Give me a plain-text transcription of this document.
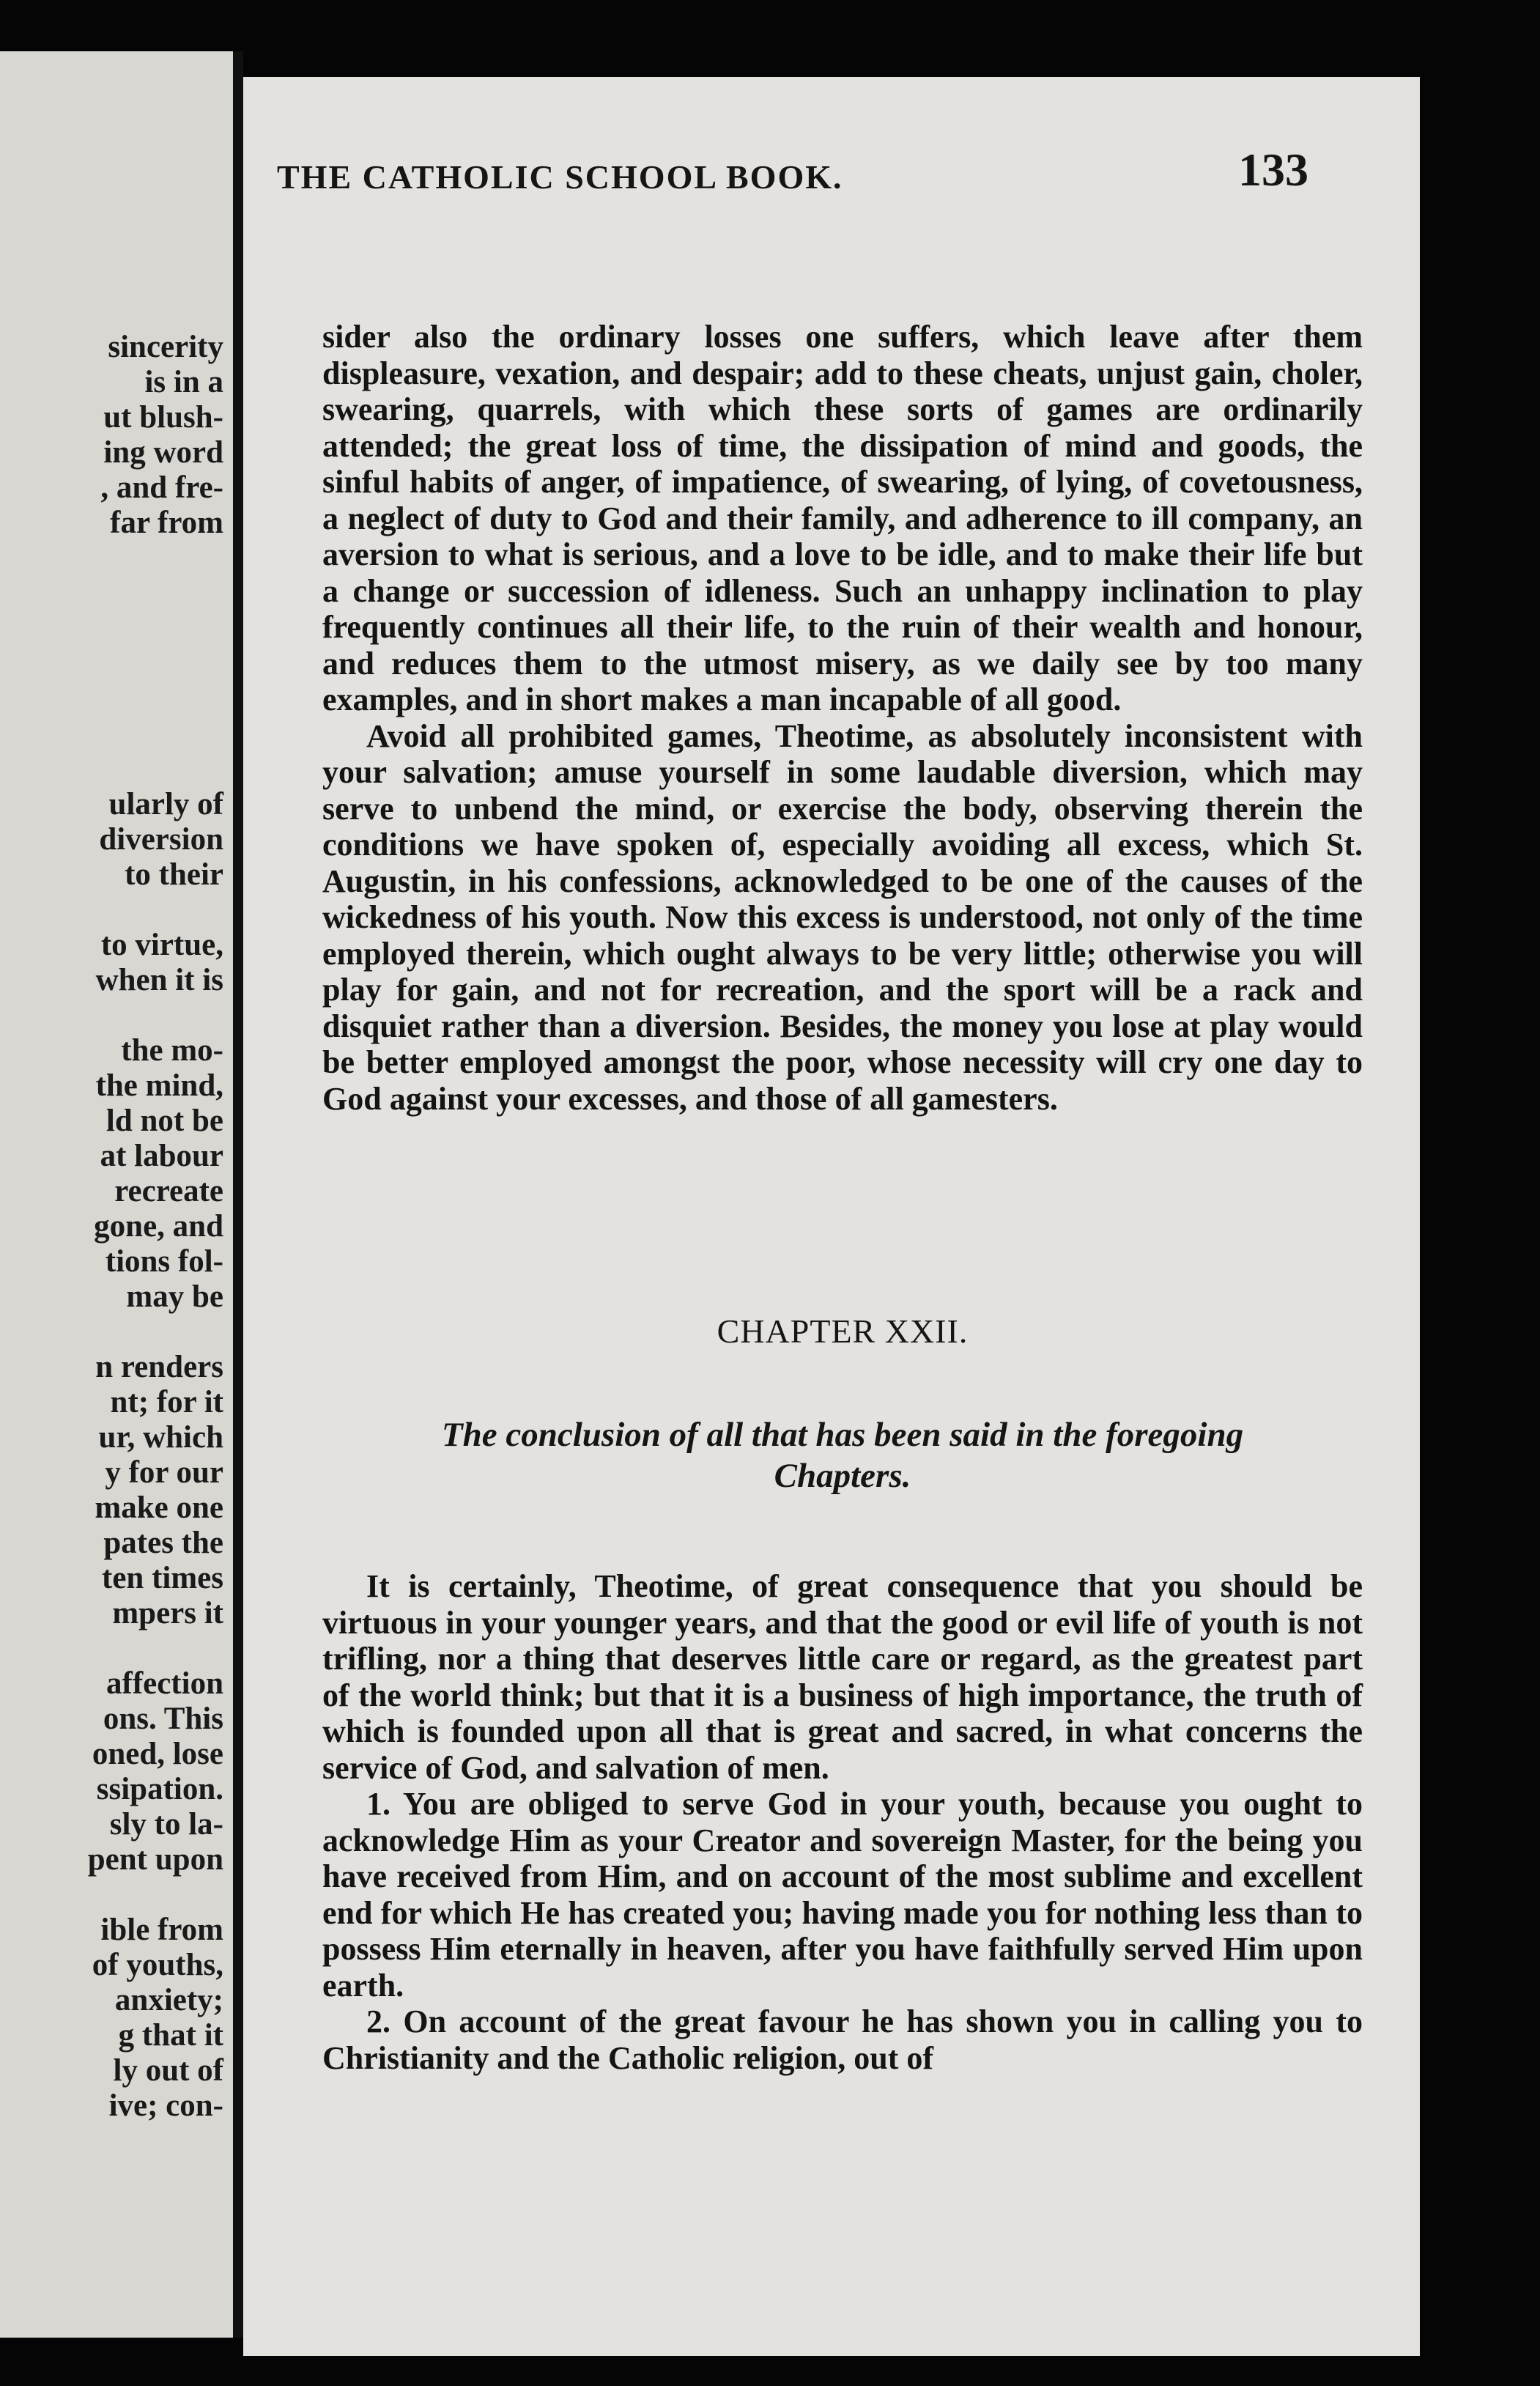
sincerity
is in a
ut blush-
ing word
, and fre-
far from
ularly of
diversion
to their
to virtue,
when it is
the mo-
the mind,
ld not be
at labour
recreate
gone, and
tions fol-
may be
n renders
nt; for it
ur, which
y for our
make one
pates the
ten times
mpers it
affection
ons. This
oned, lose
ssipation.
sly to la-
pent upon
ible from
of youths,
anxiety;
g that it
ly out of
ive; con-
THE CATHOLIC SCHOOL BOOK.	133

sider also the ordinary losses one suffers, which leave after them displeasure, vexation, and despair; add to these cheats, unjust gain, choler, swearing, quarrels, with which these sorts of games are ordinarily attended; the great loss of time, the dissipation of mind and goods, the sinful habits of anger, of impatience, of swearing, of lying, of covetousness, a neglect of duty to God and their family, and adherence to ill company, an aversion to what is serious, and a love to be idle, and to make their life but a change or succession of idleness. Such an unhappy inclination to play frequently continues all their life, to the ruin of their wealth and honour, and reduces them to the utmost misery, as we daily see by too many examples, and in short makes a man incapable of all good.

Avoid all prohibited games, Theotime, as absolutely inconsistent with your salvation; amuse yourself in some laudable diversion, which may serve to unbend the mind, or exercise the body, observing therein the conditions we have spoken of, especially avoiding all excess, which St. Augustin, in his confessions, acknowledged to be one of the causes of the wickedness of his youth. Now this excess is understood, not only of the time employed therein, which ought always to be very little; otherwise you will play for gain, and not for recreation, and the sport will be a rack and disquiet rather than a diversion. Besides, the money you lose at play would be better employed amongst the poor, whose necessity will cry one day to God against your excesses, and those of all gamesters.

CHAPTER XXII.
The conclusion of all that has been said in the foregoing
Chapters.

It is certainly, Theotime, of great consequence that you should be virtuous in your younger years, and that the good or evil life of youth is not trifling, nor a thing that deserves little care or regard, as the greatest part of the world think; but that it is a business of high importance, the truth of which is founded upon all that is great and sacred, in what concerns the service of God, and salvation of men.

1. You are obliged to serve God in your youth, because you ought to acknowledge Him as your Creator and sovereign Master, for the being you have received from Him, and on account of the most sublime and excellent end for which He has created you; having made you for nothing less than to possess Him eternally in heaven, after you have faithfully served Him upon earth.

2. On account of the great favour he has shown you in calling you to Christianity and the Catholic religion, out of
